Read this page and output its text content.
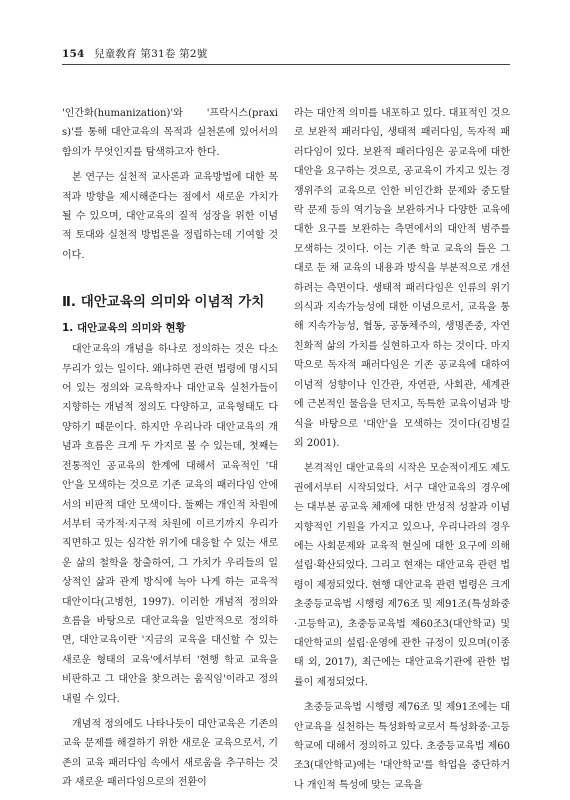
154 兒童敎育 第31卷 第2號

'인간화(humanization)'와 '프락시스(praxis)'를 통해 대안교육의 목적과 실천론에 있어서의 함의가 무엇인지를 탐색하고자 한다.

본 연구는 실천적 교사론과 교육방법에 대한 목적과 방향을 제시해준다는 점에서 새로운 가치가 될 수 있으며, 대안교육의 질적 성장을 위한 이념적 토대와 실천적 방법론을 정립하는데 기여할 것이다.

Ⅱ. 대안교육의 의미와 이념적 가치
1. 대안교육의 의미와 현황

대안교육의 개념을 하나로 정의하는 것은 다소 무리가 있는 일이다. 왜냐하면 관련 법령에 명시되어 있는 정의와 교육학자나 대안교육 실천가들이 지향하는 개념적 정의도 다양하고, 교육형태도 다양하기 때문이다. 하지만 우리나라 대안교육의 개념과 흐름은 크게 두 가지로 볼 수 있는데, 첫째는 전통적인 공교육의 한계에 대해서 교육적인 '대안'을 모색하는 것으로 기존 교육의 패러다임 안에서의 비판적 대안 모색이다. 둘째는 개인적 차원에서부터 국가적·지구적 차원에 이르기까지 우리가 직면하고 있는 심각한 위기에 대응할 수 있는 새로운 삶의 철학을 창출하여, 그 가치가 우리들의 일상적인 삶과 관계 방식에 녹아 나게 하는 교육적 대안이다(고병헌, 1997). 이러한 개념적 정의와 흐름을 바탕으로 대안교육을 일반적으로 정의하면, 대안교육이란 '지금의 교육을 대신할 수 있는 새로운 형태의 교육'에서부터 '현행 학교 교육을 비판하고 그 대안을 찾으려는 움직임'이라고 정의 내릴 수 있다.

개념적 정의에도 나타나듯이 대안교육은 기존의 교육 문제를 해결하기 위한 새로운 교육으로서, 기존의 교육 패러다임 속에서 새로움을 추구하는 것과 새로운 패러다임으로의 전환이

라는 대안적 의미를 내포하고 있다. 대표적인 것으로 보완적 패러다임, 생태적 패러다임, 독자적 패러다임이 있다. 보완적 패러다임은 공교육에 대한 대안을 요구하는 것으로, 공교육이 가지고 있는 경쟁위주의 교육으로 인한 비인간화 문제와 중도탈락 문제 등의 역기능을 보완하거나 다양한 교육에 대한 요구를 보완하는 측면에서의 대안적 범주를 모색하는 것이다. 이는 기존 학교 교육의 틀은 그대로 둔 채 교육의 내용과 방식을 부분적으로 개선하려는 측면이다. 생태적 패러다임은 인류의 위기의식과 지속가능성에 대한 이념으로서, 교육을 통해 지속가능성, 협동, 공동체주의, 생명존중, 자연친화적 삶의 가치를 실현하고자 하는 것이다. 마지막으로 독자적 패러다임은 기존 공교육에 대하여 이념적 성향이나 인간관, 자연관, 사회관, 세계관에 근본적인 물음을 던지고, 독특한 교육이념과 방식을 바탕으로 '대안'을 모색하는 것이다(김병길 외 2001).

본격적인 대안교육의 시작은 모순적이게도 제도권에서부터 시작되었다. 서구 대안교육의 경우에는 대부분 공교육 체제에 대한 반성적 성찰과 이념지향적인 기원을 가지고 있으나, 우리나라의 경우에는 사회문제와 교육적 현실에 대한 요구에 의해 설립·확산되었다. 그리고 현재는 대안교육 관련 법령이 제정되었다. 현행 대안교육 관련 법령은 크게 초중등교육법 시행령 제76조 및 제91조(특성화중·고등학교), 초중등교육법 제60조3(대안학교) 및 대안학교의 설립·운영에 관한 규정이 있으며(이종태 외, 2017), 최근에는 대안교육기관에 관한 법률이 제정되었다.

초중등교육법 시행령 제76조 및 제91조에는 대안교육을 실천하는 특성화학교로서 특성화중·고등학교에 대해서 정의하고 있다. 초중등교육법 제60조3(대안학교)에는 '대안학교'를 학업을 중단하거나 개인적 특성에 맞는 교육을
